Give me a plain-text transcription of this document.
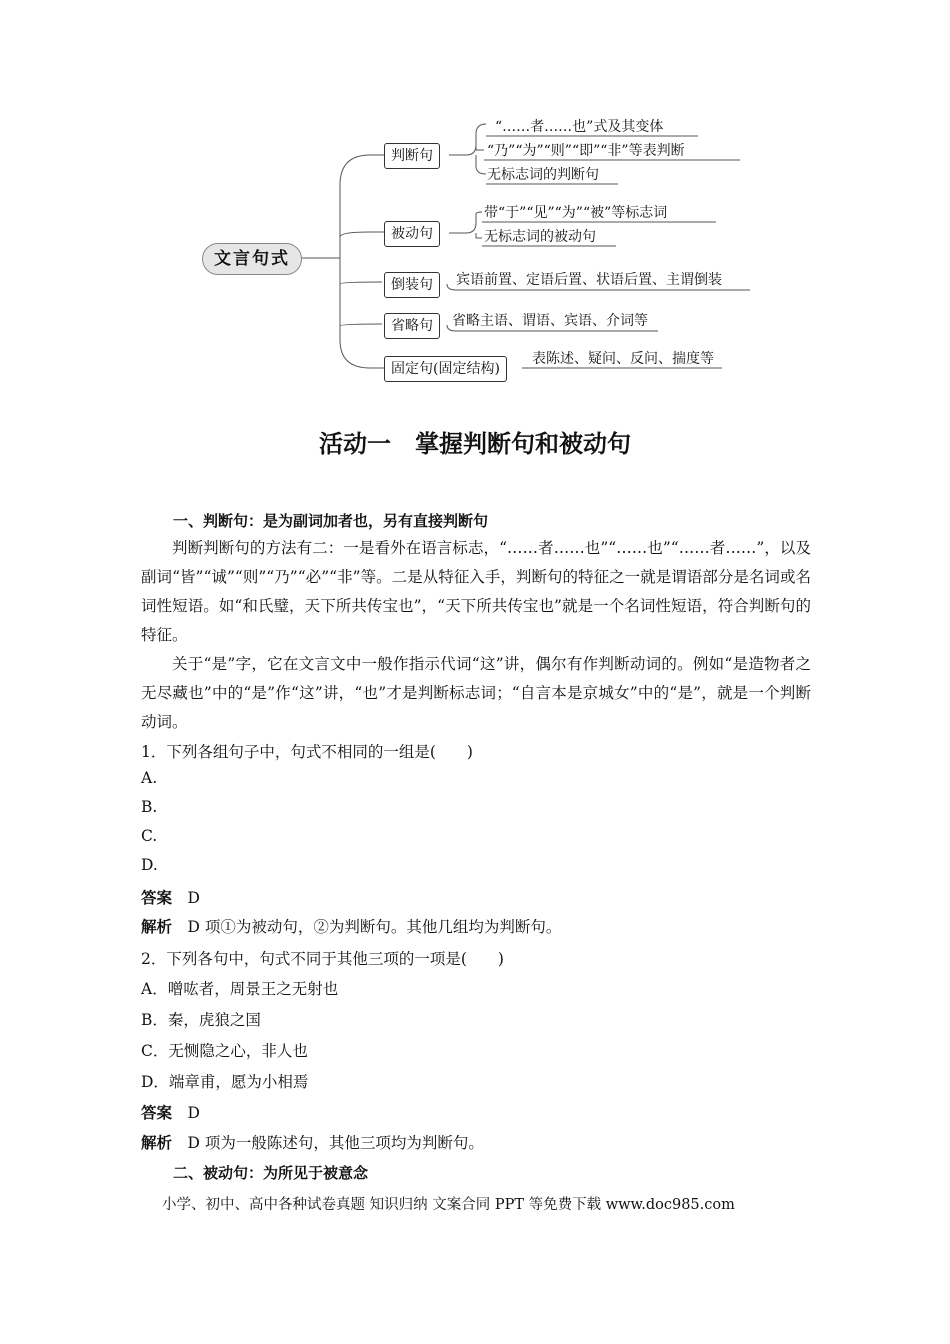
文言句式
判断句
“……者……也”式及其变体
“乃”“为”“则”“即”“非”等表判断
无标志词的判断句
被动句
带“于”“见”“为”“被”等标志词
无标志词的被动句
倒装句	宾语前置、定语后置、状语后置、主谓倒装
省略句	省略主语、谓语、宾语、介词等
固定句(固定结构)
表陈述、疑问、反问、揣度等
活动一　掌握判断句和被动句
一、判断句：是为副词加者也，另有直接判断句

判断判断句的方法有二：一是看外在语言标志，“……者……也”“……也”“……者……”，以及副词“皆”“诚”“则”“乃”“必”“非”等。二是从特征入手，判断句的特征之一就是谓语部分是名词或名词性短语。如“和氏璧，天下所共传宝也”，“天下所共传宝也”就是一个名词性短语，符合判断句的特征。

关于“是”字，它在文言文中一般作指示代词“这”讲，偶尔有作判断动词的。例如“是造物者之无尽藏也”中的“是”作“这”讲，“也”才是判断标志词；“自言本是京城女”中的“是”，就是一个判断动词。

1．下列各组句子中，句式不相同的一组是(　　)
A.
B.
C.
D.
答案　 D
解析　 D 项①为被动句，②为判断句。其他几组均为判断句。
2．下列各句中，句式不同于其他三项的一项是(　　)
A．噌吰者，周景王之无射也
B．秦，虎狼之国
C．无恻隐之心，非人也
D．端章甫，愿为小相焉
答案　 D
解析　 D 项为一般陈述句，其他三项均为判断句。
二、被动句：为所见于被意念
小学、初中、高中各种试卷真题 知识归纳 文案合同 PPT 等免费下载 www.doc985.com
